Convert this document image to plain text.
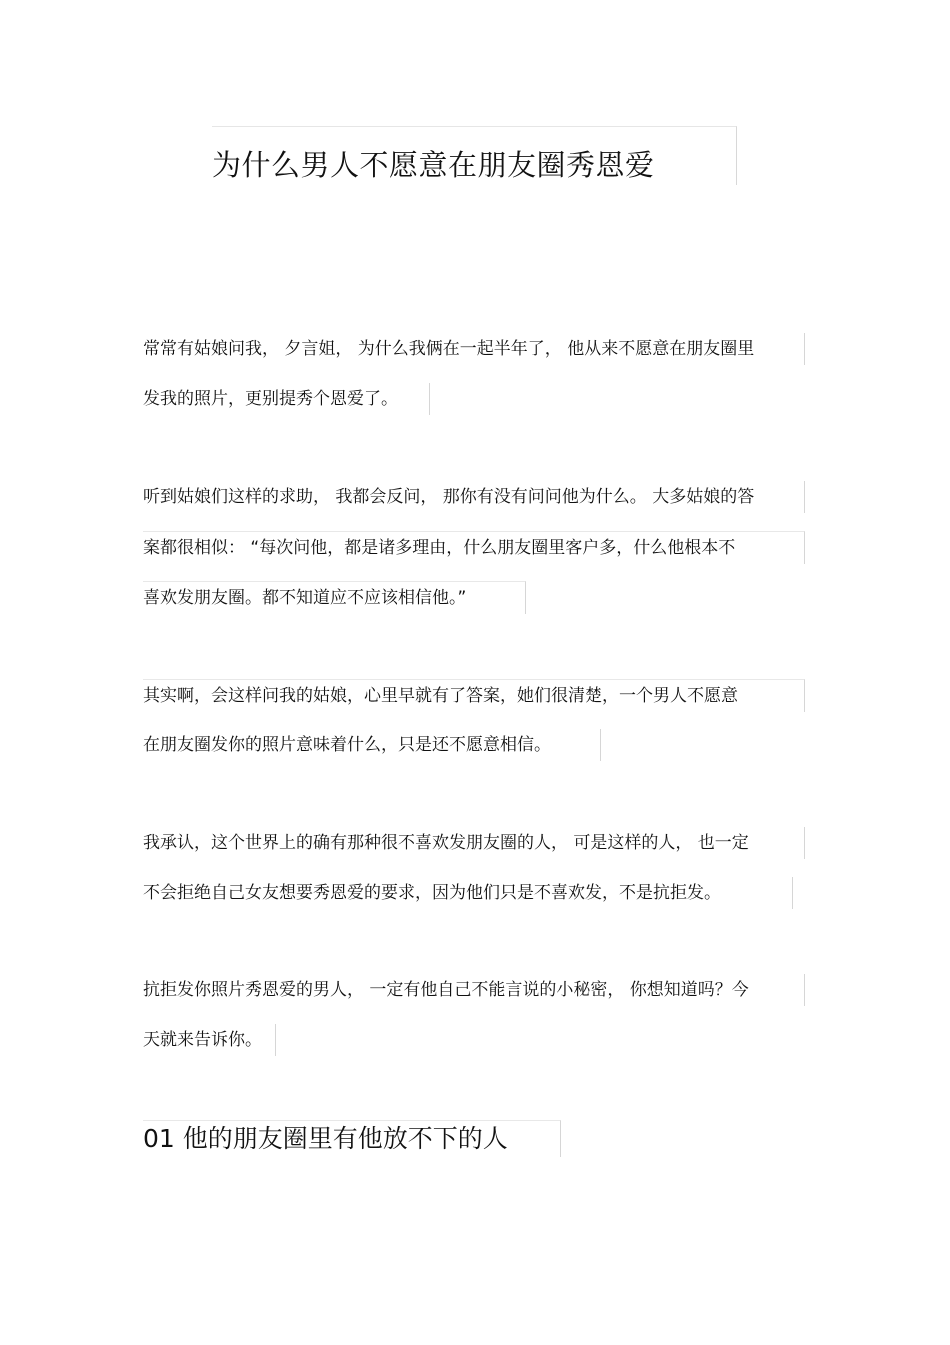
为什么男人不愿意在朋友圈秀恩爱
常常有姑娘问我， 夕言姐， 为什么我俩在一起半年了， 他从来不愿意在朋友圈里
发我的照片，更别提秀个恩爱了。
听到姑娘们这样的求助， 我都会反问， 那你有没有问问他为什么。 大多姑娘的答
案都很相似： “每次问他，都是诸多理由，什么朋友圈里客户多，什么他根本不
喜欢发朋友圈。都不知道应不应该相信他。”
其实啊，会这样问我的姑娘，心里早就有了答案，她们很清楚，一个男人不愿意
在朋友圈发你的照片意味着什么，只是还不愿意相信。
我承认，这个世界上的确有那种很不喜欢发朋友圈的人， 可是这样的人， 也一定
不会拒绝自己女友想要秀恩爱的要求，因为他们只是不喜欢发，不是抗拒发。
抗拒发你照片秀恩爱的男人， 一定有他自己不能言说的小秘密， 你想知道吗？今
天就来告诉你。
01 他的朋友圈里有他放不下的人
